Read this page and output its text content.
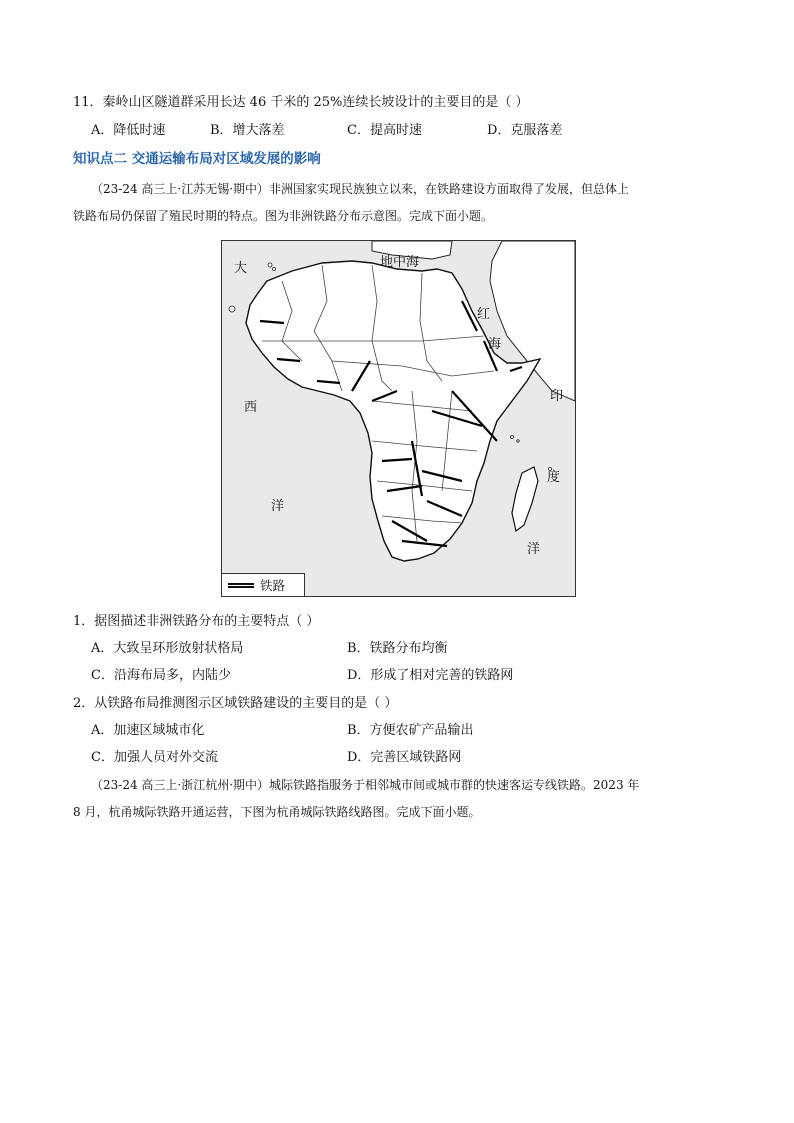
11．秦岭山区隧道群采用长达 46 千米的 25%连续长坡设计的主要目的是（ ）
A．降低时速	B．增大落差	C．提高时速	D．克服落差
知识点二 交通运输布局对区域发展的影响
（23-24 高三上·江苏无锡·期中）非洲国家实现民族独立以来，在铁路建设方面取得了发展，但总体上
铁路布局仍保留了殖民时期的特点。图为非洲铁路分布示意图。完成下面小题。
大	地中海
红
海
西
印
洋
度
洋
铁路
1．据图描述非洲铁路分布的主要特点（ ）
A．大致呈环形放射状格局	B．铁路分布均衡
C．沿海布局多，内陆少	D．形成了相对完善的铁路网
2．从铁路布局推测图示区域铁路建设的主要目的是（ ）
A．加速区域城市化	B．方便农矿产品输出
C．加强人员对外交流	D．完善区域铁路网
（23-24 高三上·浙江杭州·期中）城际铁路指服务于相邻城市间或城市群的快速客运专线铁路。2023 年
8 月，杭甬城际铁路开通运营，下图为杭甬城际铁路线路图。完成下面小题。
